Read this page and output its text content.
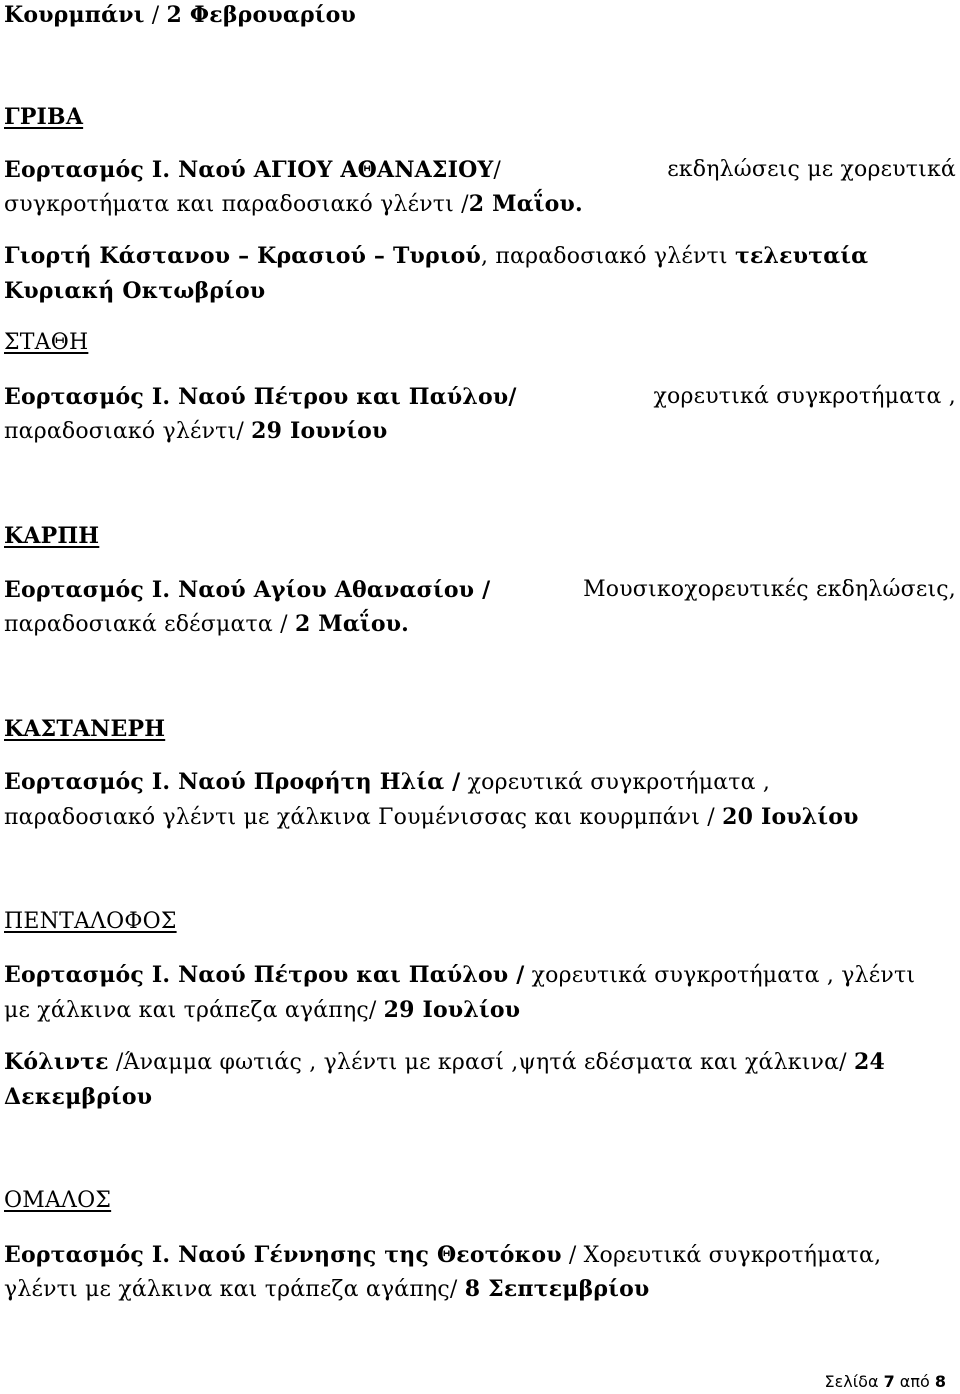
Κουρμπάνι / 2 Φεβρουαρίου
ΓΡΙΒΑ
Εορτασμός Ι. Ναού ΑΓΙΟΥ ΑΘΑΝΑΣΙΟΥ/	εκδηλώσεις με χορευτικά
συγκροτήματα και παραδοσιακό γλέντι /2 Μαΐου.
Γιορτή Κάστανου – Κρασιού – Τυριού, παραδοσιακό γλέντι τελευταία
Κυριακή Οκτωβρίου
ΣΤΑΘΗ
Εορτασμός Ι. Ναού Πέτρου και Παύλου/	χορευτικά συγκροτήματα ,
παραδοσιακό γλέντι/ 29 Ιουνίου
ΚΑΡΠΗ
Εορτασμός Ι. Ναού Αγίου Αθανασίου /	Μουσικοχορευτικές εκδηλώσεις,
παραδοσιακά εδέσματα / 2 Μαΐου.
ΚΑΣΤΑΝΕΡΗ
Εορτασμός Ι. Ναού Προφήτη Ηλία / χορευτικά συγκροτήματα ,
παραδοσιακό γλέντι με χάλκινα Γουμένισσας και κουρμπάνι / 20 Ιουλίου
ΠΕΝΤΑΛΟΦΟΣ
Εορτασμός Ι. Ναού Πέτρου και Παύλου / χορευτικά συγκροτήματα , γλέντι
με χάλκινα και τράπεζα αγάπης/ 29 Ιουλίου
Κόλιντε /Άναμμα φωτιάς , γλέντι με κρασί ,ψητά εδέσματα και χάλκινα/ 24
Δεκεμβρίου
ΟΜΑΛΟΣ
Εορτασμός Ι. Ναού Γέννησης της Θεοτόκου / Χορευτικά συγκροτήματα,
γλέντι με χάλκινα και τράπεζα αγάπης/ 8 Σεπτεμβρίου
Σελίδα 7 από 8
